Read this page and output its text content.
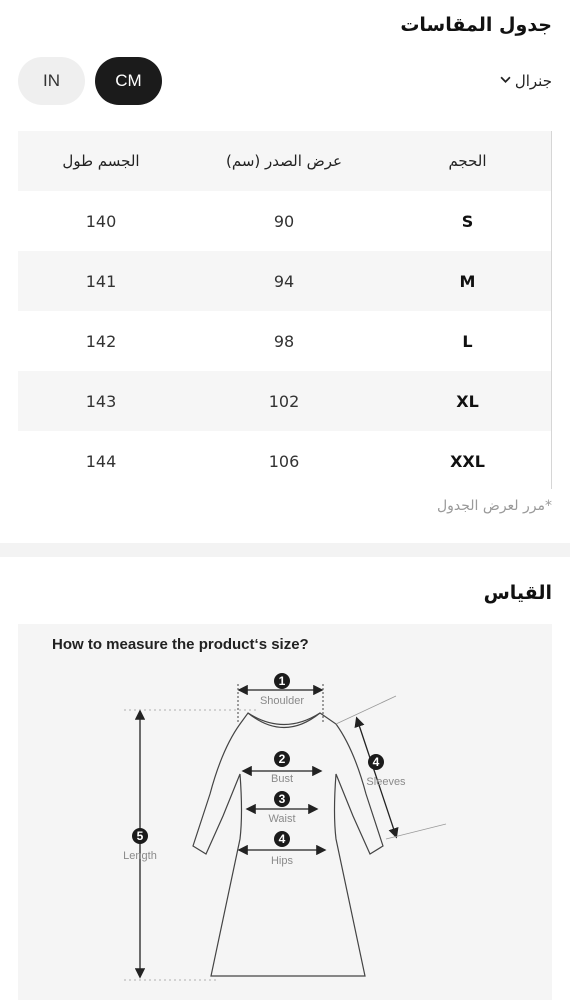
جدول المقاسات
IN	CM	جنرال
الجسم طول	عرض الصدر (سم)	الحجم
140	90	S
141	94	M
142	98	L
143	102	XL
144	106	XXL
*مرر لعرض الجدول
القياس
How to measure the product‘s size?
1
2
3
4
4
5
Shoulder
Bust
Waist
Hips
Sleeves
Length
